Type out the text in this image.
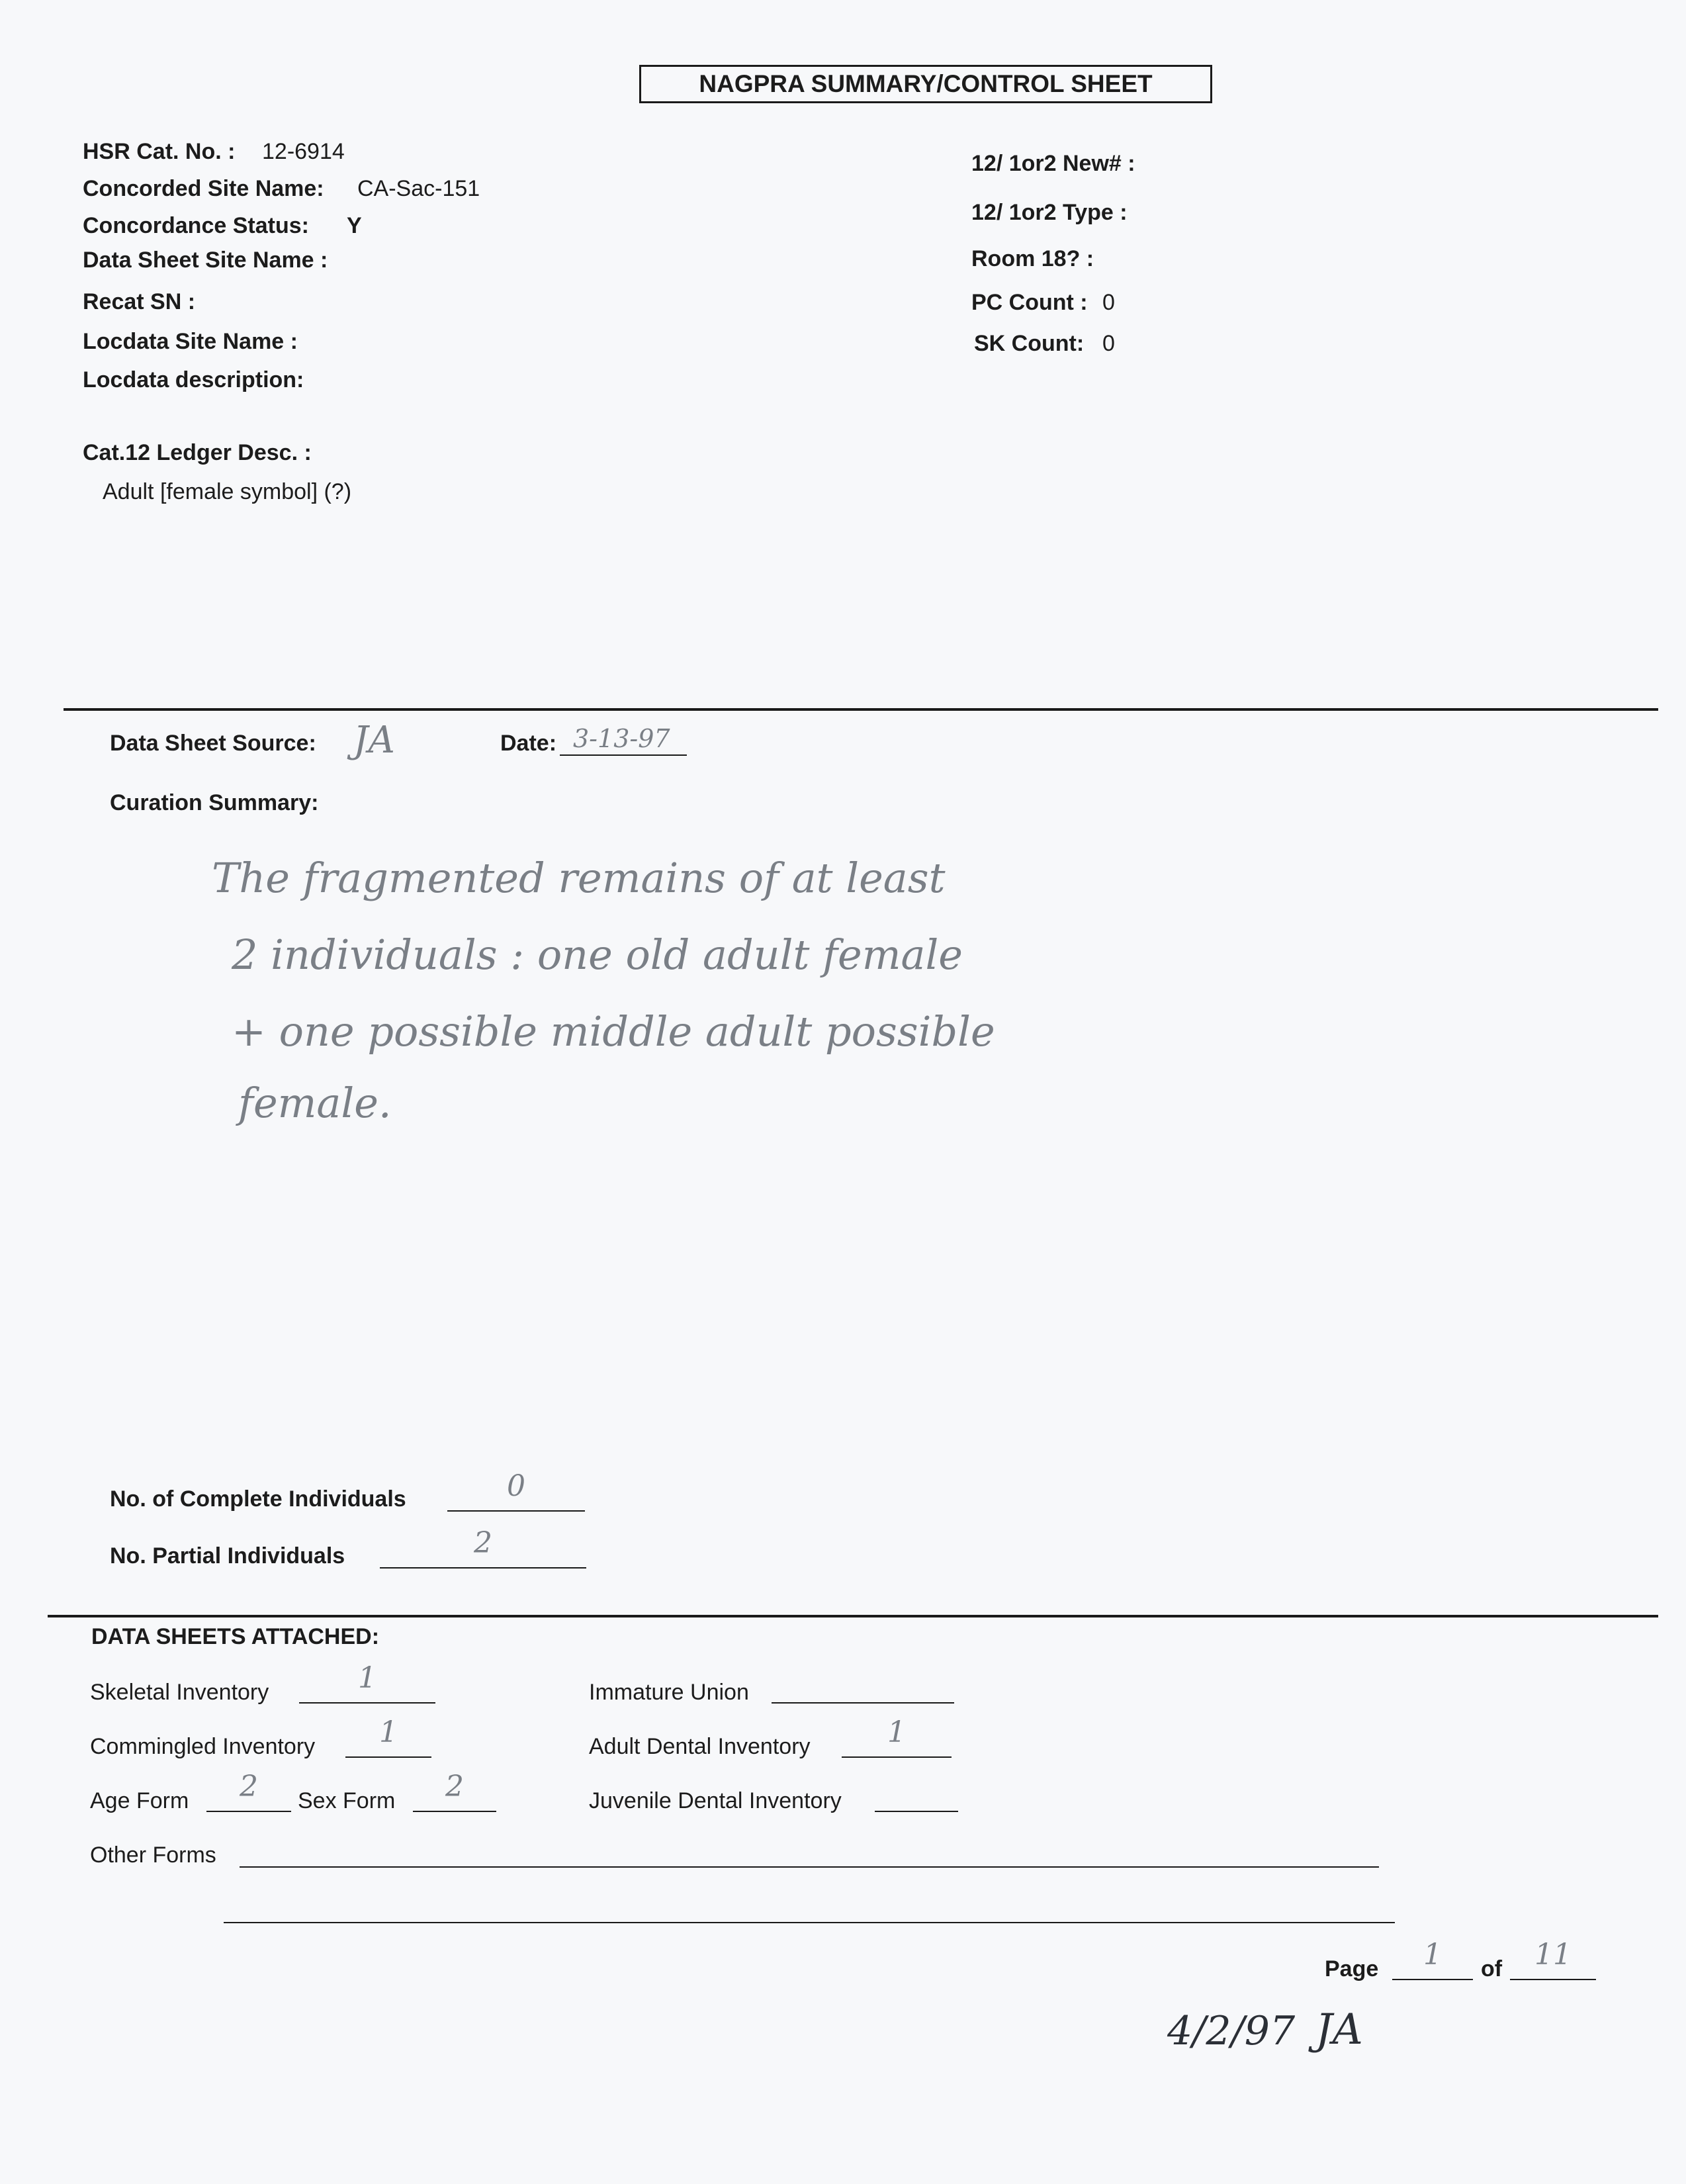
NAGPRA SUMMARY/CONTROL SHEET
HSR Cat. No. : 12-6914
Concorded Site Name: CA-Sac-151
Concordance Status: Y
Data Sheet Site Name :
Recat SN :
Locdata Site Name :
Locdata description:
Cat.12 Ledger Desc. :
Adult [female symbol] (?)
12/ 1or2 New# :
12/ 1or2 Type :
Room 18? :
PC Count : 0
SK Count: 0
Data Sheet Source: JA	Date: 3-13-97
Curation Summary:
The fragmented remains of at least
2 individuals : one old adult female
+ one possible middle adult possible
female.
No. of Complete Individuals	0
No. Partial Individuals	2
DATA SHEETS ATTACHED:
Skeletal Inventory	1	Immature Union
Commingled Inventory	1	Adult Dental Inventory	1
Age Form	2	Sex Form	2	Juvenile Dental Inventory
Other Forms
Page	1	of	11
4/2/97 JA
